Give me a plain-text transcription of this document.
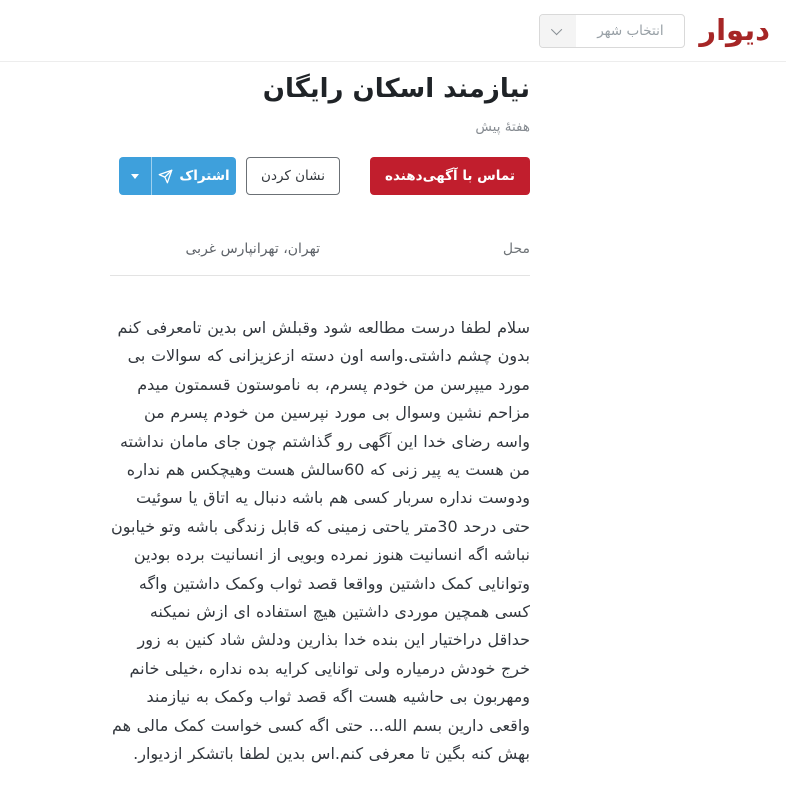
دیوار
انتخاب شهر
نیازمند اسکان رایگان
هفتهٔ پیش
تماس با آگهی‌دهنده
نشان کردن
اشتراک
محل
تهران، تهرانپارس غربی

سلام لطفا درست مطالعه شود وقبلش اس بدین تامعرفی کنم بدون چشم داشتی.واسه اون دسته ازعزیزانی که سوالات بی مورد میپرسن من خودم پسرم، به ناموستون قسمتون میدم مزاحم نشین وسوال بی مورد نپرسین من خودم پسرم من واسه رضای خدا این آگهی رو گذاشتم چون جای مامان نداشته من هست یه پیر زنی که 60سالش هست وهیچکس هم نداره ودوست نداره سربار کسی هم باشه دنبال یه اتاق یا سوئیت حتی درحد 30متر یاحتی زمینی که قابل زندگی باشه وتو خیابون نباشه اگه انسانیت هنوز نمرده وبویی از انسانیت برده بودین وتوانایی کمک داشتین وواقعا قصد ثواب وکمک داشتین واگه کسی همچین موردی داشتین هیچ استفاده ای ازش نمیکنه حداقل دراختیار این بنده خدا بذارین ودلش شاد کنین به زور خرج خودش درمیاره ولی توانایی کرایه بده نداره ،خیلی خانم ومهربون بی حاشیه هست اگه قصد ثواب وکمک به نیازمند واقعی دارین بسم الله... حتی اگه کسی خواست کمک مالی هم بهش کنه بگین تا معرفی کنم.اس بدین لطفا باتشکر ازدیوار.
